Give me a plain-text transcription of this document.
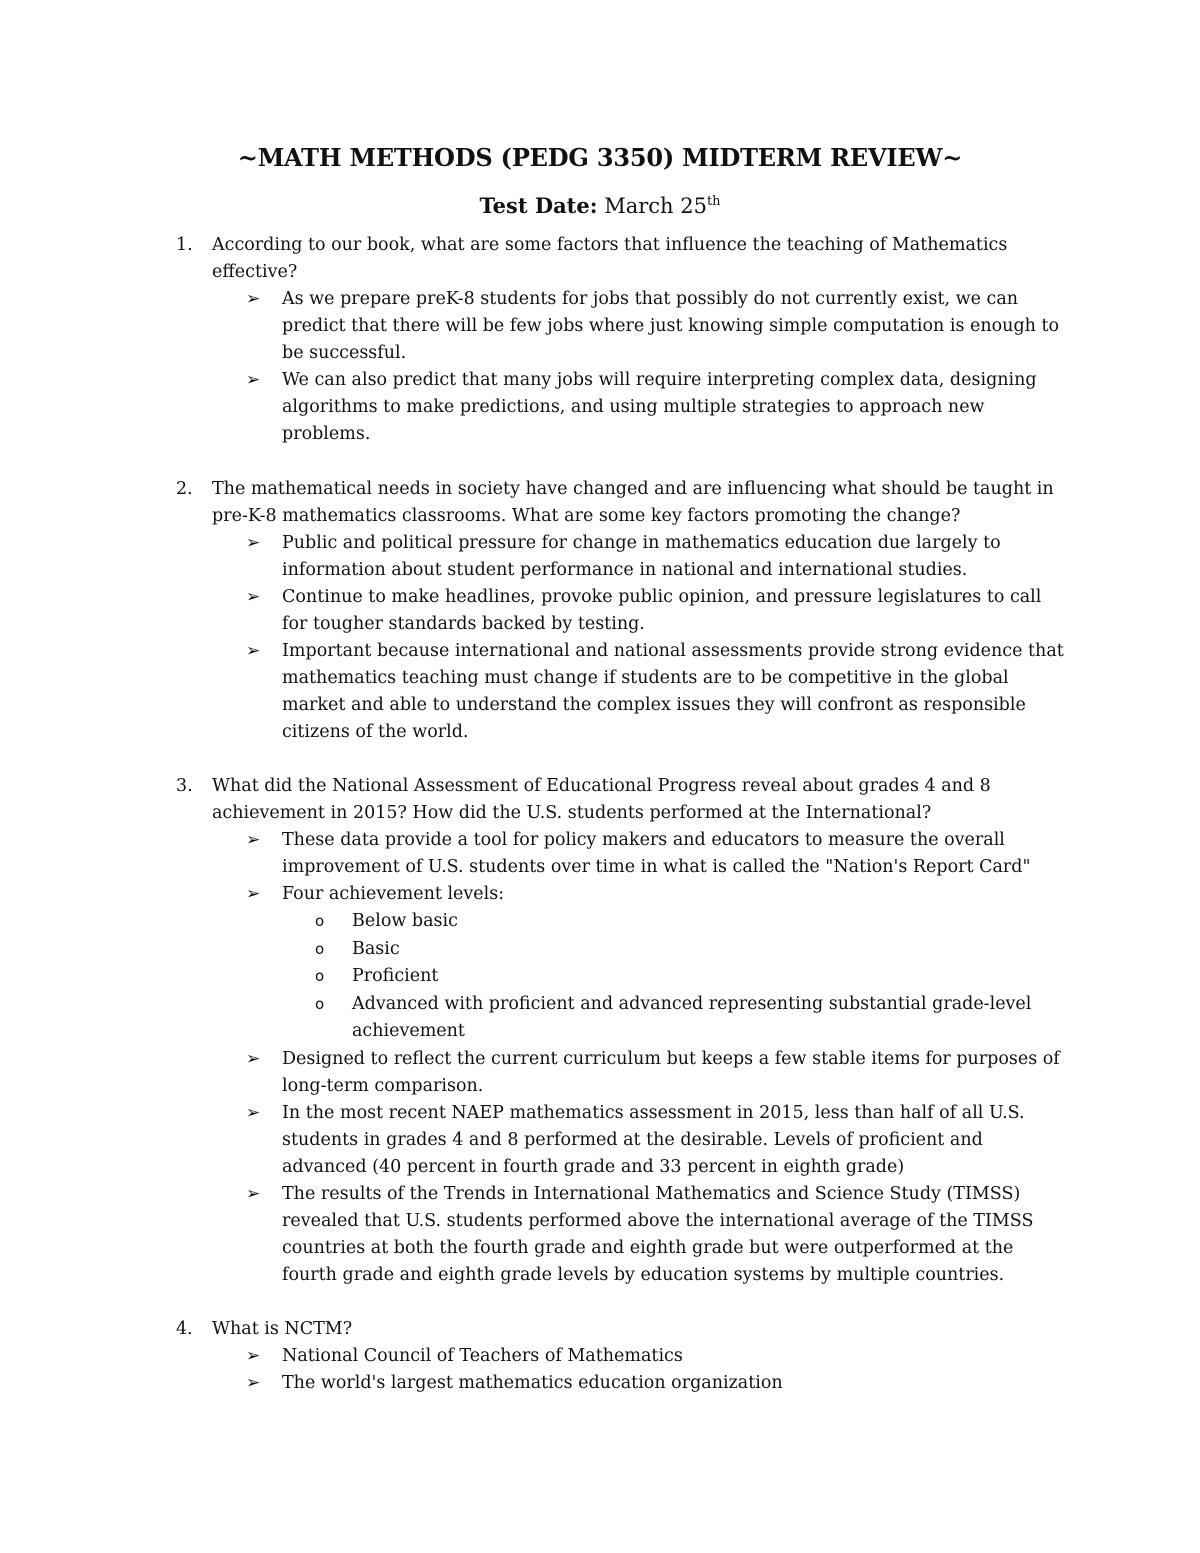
~MATH METHODS (PEDG 3350) MIDTERM REVIEW~
Test Date: March 25th
1. According to our book, what are some factors that influence the teaching of Mathematics effective?
➢ As we prepare preK-8 students for jobs that possibly do not currently exist, we can predict that there will be few jobs where just knowing simple computation is enough to be successful.
➢ We can also predict that many jobs will require interpreting complex data, designing algorithms to make predictions, and using multiple strategies to approach new problems.
2. The mathematical needs in society have changed and are influencing what should be taught in pre-K-8 mathematics classrooms. What are some key factors promoting the change?
➢ Public and political pressure for change in mathematics education due largely to information about student performance in national and international studies.
➢ Continue to make headlines, provoke public opinion, and pressure legislatures to call for tougher standards backed by testing.
➢ Important because international and national assessments provide strong evidence that mathematics teaching must change if students are to be competitive in the global market and able to understand the complex issues they will confront as responsible citizens of the world.
3. What did the National Assessment of Educational Progress reveal about grades 4 and 8 achievement in 2015? How did the U.S. students performed at the International?
➢ These data provide a tool for policy makers and educators to measure the overall improvement of U.S. students over time in what is called the "Nation's Report Card"
➢ Four achievement levels:
o Below basic
o Basic
o Proficient
o Advanced with proficient and advanced representing substantial grade-level achievement
➢ Designed to reflect the current curriculum but keeps a few stable items for purposes of long-term comparison.
➢ In the most recent NAEP mathematics assessment in 2015, less than half of all U.S. students in grades 4 and 8 performed at the desirable. Levels of proficient and advanced (40 percent in fourth grade and 33 percent in eighth grade)
➢ The results of the Trends in International Mathematics and Science Study (TIMSS) revealed that U.S. students performed above the international average of the TIMSS countries at both the fourth grade and eighth grade but were outperformed at the fourth grade and eighth grade levels by education systems by multiple countries.
4. What is NCTM?
➢ National Council of Teachers of Mathematics
➢ The world's largest mathematics education organization
